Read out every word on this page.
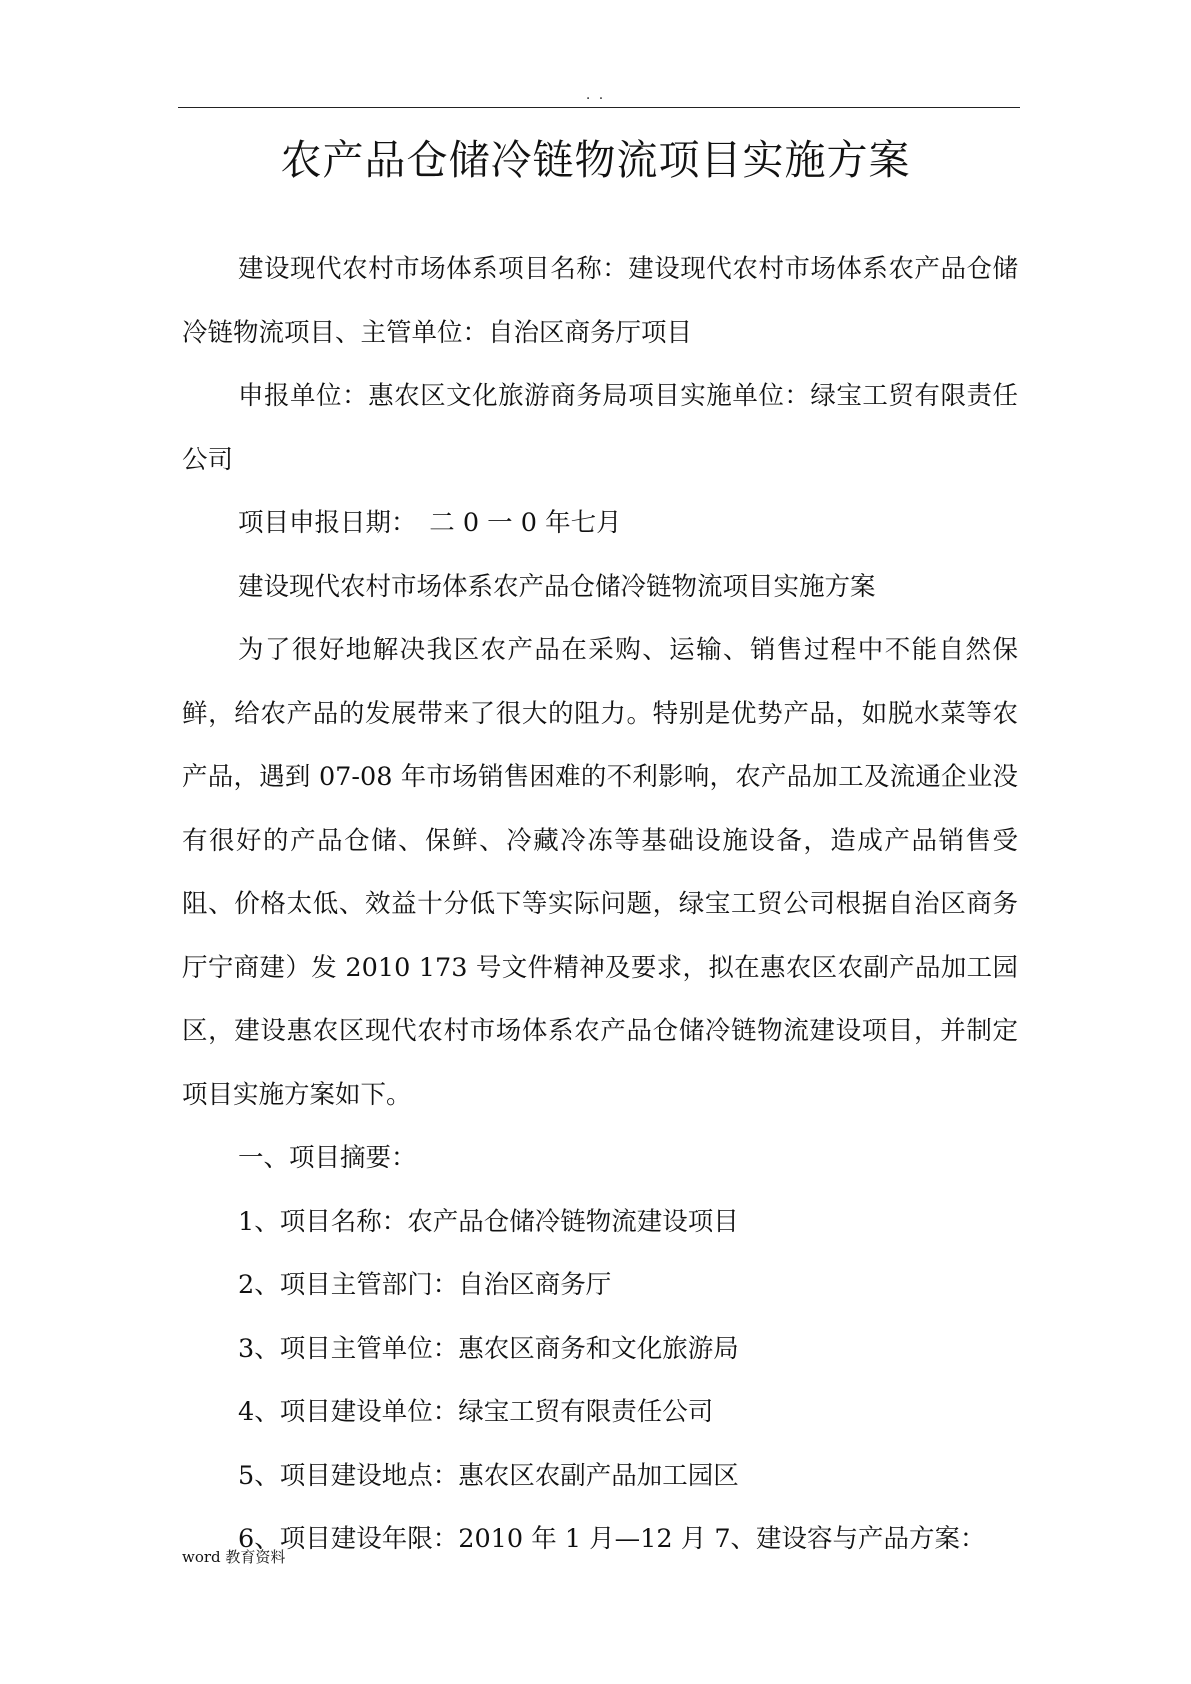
. .
农产品仓储冷链物流项目实施方案

建设现代农村市场体系项目名称：建设现代农村市场体系农产品仓储冷链物流项目、主管单位：自治区商务厅项目

申报单位：惠农区文化旅游商务局项目实施单位：绿宝工贸有限责任公司

项目申报日期：　二 0 一 0 年七月

建设现代农村市场体系农产品仓储冷链物流项目实施方案

为了很好地解决我区农产品在采购、运输、销售过程中不能自然保鲜，给农产品的发展带来了很大的阻力。特别是优势产品，如脱水菜等农产品，遇到 07-08 年市场销售困难的不利影响，农产品加工及流通企业没有很好的产品仓储、保鲜、冷藏冷冻等基础设施设备，造成产品销售受阻、价格太低、效益十分低下等实际问题，绿宝工贸公司根据自治区商务厅宁商建）发 2010 173 号文件精神及要求，拟在惠农区农副产品加工园区，建设惠农区现代农村市场体系农产品仓储冷链物流建设项目，并制定项目实施方案如下。

一、项目摘要：

1、项目名称：农产品仓储冷链物流建设项目

2、项目主管部门：自治区商务厅

3、项目主管单位：惠农区商务和文化旅游局

4、项目建设单位：绿宝工贸有限责任公司

5、项目建设地点：惠农区农副产品加工园区

6、项目建设年限：2010 年 1 月—12 月 7、建设容与产品方案：

word 教育资料
